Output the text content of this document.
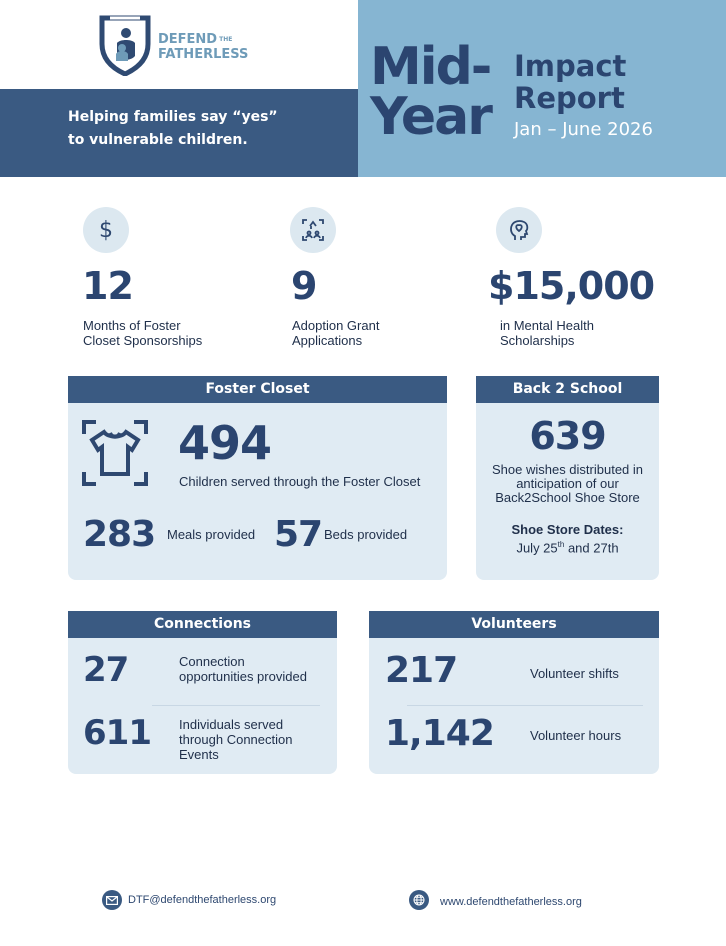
DEFEND THE
FATHERLESS
Helping families say “yes”
to vulnerable children.
Mid-
Year
Impact
Report
Jan – June 2026
$
12
Months of Foster
Closet Sponsorships
9
Adoption Grant
Applications
$15,000
in Mental Health
Scholarships
Foster Closet
494
Children served through the Foster Closet
283 Meals provided 57 Beds provided
Back 2 School
639
Shoe wishes distributed in
anticipation of our
Back2School Shoe Store
Shoe Store Dates:
July 25th and 27th
Connections
27	Connection
opportunities provided
611 Individuals served
through Connection
Events
Volunteers
217	Volunteer shifts
1,142	Volunteer hours
DTF@defendthefatherless.org	www.defendthefatherless.org
